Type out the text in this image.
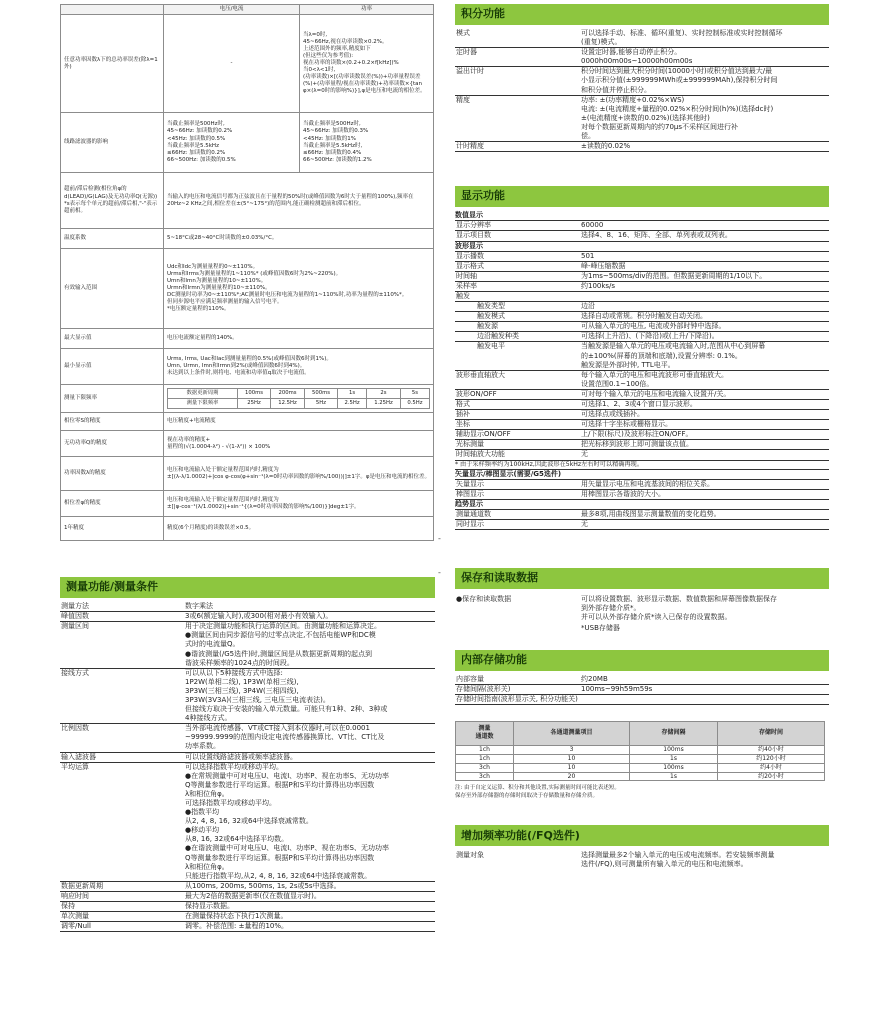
	电压/电流	功率
任意功率因数λ下的总功率误差(除λ=1外)	-	当λ=0时,
45~66Hz,视在功率读数×0.2%。
上述范围外的频率,精度如下
(但这些仅为参考值):
视在功率的读数×(0.2+0.2×f[kHz])%
当0<λ<1时,
(功率读数)×[(功率读数误差(%))+功率量程误差(%)+(功率量程/视在功率读数)+功率读数×{tan φ×(λ=0时的影响%)}],φ是电压和电流的相位差。
线路滤波器的影响	当截止频率是500Hz时,
45~66Hz: 加读数的0.2%
<45Hz: 加读数的0.5%
当截止频率是5.5kHz
≤66Hz: 加读数的0.2%
66~500Hz: 加读数的0.5%	当截止频率是500Hz时,
45~66Hz: 加读数的0.3%
<45Hz: 加读数的1%
当截止频率是5.5kHz时,
≤66Hz: 加读数的0.4%
66~500Hz: 加读数的1.2%
超前/滞后检测(相位角φ的d(LEAD)/G(LAG)及无功功率Q(无源))
*s表示每个单元的超前/滞后相,"-"表示超前相。	当输入的电压和电流信号都为正弦波且在于量程的50%时(或峰值因数为6时大于量程的100%),频率在20Hz~2 KHz之间,相位差在±(5°~175°)的范围内,能正确检测超前和滞后相位。
温度系数	5~18°C或28~40°C时读数的±0.03%/°C。
有效输入范围	Udc和Idc为测量量程的0~±110%。
Urms和Irms为测量量程的1~110%* (或峰值因数6时为2%~220%)。
Umn和Imn为测量量程的10~±110%。
Urmn和Irmn为测量量程的10~±110%。
DC测量时功率为0~±110%*;AC测量时电压和电流为量程的1~110%时,功率为量程的±110%*。
但同步源电平应满足频率测量的输入信号电平。
*电压额定量程的110%。
最大显示值	电压电流额定量程的140%。
最小显示值	Urms, Irms, Uac和Iac到测量量程的0.5%(或峰值因数6时到1%)。
Umn, Urmn, Imn和Irmn到2%(或峰值因数6时到4%)。
未达到以上条件时,则将电、电流和功率值q取决于电流值。
测量下限频率	
数据更新周期	100ms	200ms	500ms	1s	2s	5s
测量下限频率	25Hz	12.5Hz	5Hz	2.5Hz	1.25Hz	0.5Hz

相位零S的精度	电压精度+电流精度
无功功率Q的精度	视在功率的精度+
量程的(√(1.0004-λ²) - √(1-λ²)) × 100%
功率因数λ的精度	电压和电流输入处于额定量程范围内时,精度为
±[(λ-λ/1.0002)+|cos φ-cos(φ+sin⁻¹(λ=0时功率因数的影响%/100))|]±1字。φ是电压和电流的相位差。
相位差φ的精度	电压和电流输入处于额定量程范围内时,精度为
±[|φ-cos⁻¹(λ/1.0002)|+sin⁻¹{(λ=0时功率因数的影响%/100)}]deg±1字。
1年精度	精度(6个月精度)的读数误差×0.5。
测量功能/测量条件
测量方法	数字乘法
峰值因数	3或6(额定输入时),或300(相对最小有效输入)。
测量区间	用于决定测量功能和执行运算的区间。由测量功能和运算决定。
●测量区间由同步源信号的过零点决定,不包括电能WP和DC模
式时的电流量Q。
●谐波测量(/G5选件)时,测量区间是从数据更新周期的起点到
谐波采样频率的1024点的时间段。
接线方式	可以从以下5种接线方式中选择:
1P2W(单相二线), 1P3W(单相三线),
3P3W(三相三线), 3P4W(三相四线),
3P3W(3V3A)(三相三线, 三电压三电流表法)。
但接线方取决于安装的输入单元数量。可能只有1种、2种、3种或
4种接线方式。
比例因数	当外部电流传感器、VT或CT接入到本仪器时,可以在0.0001
~99999.9999的范围内设定电流传感器换算比、VT比、CT比及
功率系数。
输入滤波器	可以设置线路滤波器或频率滤波器。
平均运算	可以选择指数平均或移动平均。
●在常规测量中可对电压U、电流I、功率P、视在功率S、无功功率
Q等测量参数进行平均运算。根据P和S平均计算得出功率因数
λ和相位角φ。
可选择指数平均或移动平均。
●指数平均
从2, 4, 8, 16, 32或64中选择衰减常数。
●移动平均
从8, 16, 32或64中选择平均数。
●在谐波测量中可对电压U、电流I、功率P、视在功率S、无功功率
Q等测量参数进行平均运算。根据P和S平均计算得出功率因数
λ和相位角φ。
只能进行指数平均,从2, 4, 8, 16, 32或64中选择衰减常数。
数据更新周期	从100ms, 200ms, 500ms, 1s, 2s或5s中选择。
响应时间	最大为2倍的数据更新率(仅在数值显示时)。
保持	保持显示数据。
单次测量	在测量保持状态下执行1次测量。
调零/Null	调零。补偿范围: ±量程的10%。
-
-
积分功能
模式	可以选择手动、标准、循环(重复)、实时控制标准或实时控制循环
(重复)模式。
定时器	设置定时器,能够自动停止积分。
0000h00m00s~10000h00m00s
溢出计时	积分时间达到最大积分时间(10000小时)或积分值达到最大/最
小显示积分值(±999999MWh或±999999MAh),保持积分时间
和积分值并停止积分。
精度	功率: ±(功率精度+0.02%×WS)
电流: ±(电流精度+量程的0.02%×积分时间(h)%)(选择dc时)
±(电流精度+读数的0.02%)(选择其他时)
对每个数据更新周期内的约70μs不采样区间进行补
偿。
计时精度	±读数的0.02%
显示功能
数值显示
显示分辨率	60000
显示项目数	选择4、8、16、矩阵、全部、单列表或双列表。
波形显示
显示播数	501
显示格式	峰-峰压缩数据
时间轴	为1ms~500ms/div的范围。但数据更新周期的1/10以下。
采样率	约100ks/s
触发
触发类型	边沿
触发模式	选择自动或常规。积分时触发自动关闭。
触发源	可从输入单元的电压, 电流或外部时钟中选择。
边沿触发种类	可选择(上升沿)、(下降沿)或(上升/下降沿)。
触发电平	当触发源是输入单元的电压或电流输入时,范围从中心到屏幕
的±100%(屏幕的顶端和底端),设置分辨率: 0.1%。
触发源是外部时钟, TTL电平。
波形垂直轴放大	每个输入单元的电压和电流波形可垂直轴放大。
设置范围0.1~100倍。
波形ON/OFF	可对每个输入单元的电压和电流输入设置开/关。
格式	可选择1、2、3或4个窗口显示波形。
插补	可选择点或线插补。
坐标	可选择十字坐标或栅格显示。
辅助显示ON/OFF	上/下限(标尺)及波形标注ON/OFF。
光标测量	把光标移到波形上即可测量该点值。
时间轴放大功能	无
* 由于采样频率约为100kHz,因此波形在5kHz左右时可以精确再现。
矢量显示/棒图显示(需要/G5选件)
矢量显示	用矢量显示电压和电流基波间的相位关系。
棒图显示	用棒图显示各谐波的大小。
趋势显示
测量通道数	最多8项,用曲线图显示测量数值的变化趋势。
同时显示	无
保存和读取数据
●保存和读取数据	可以将设置数据、波形显示数据、数值数据和屏幕图像数据保存
到外部存储介质*。
并可以从外部存储介质*读入已保存的设置数据。
*USB存储器
内部存储功能
内部容量	约20MB
存储间隔(波形关)	100ms~99h59m59s
存储时间指南(波形显示关, 积分功能关)
测量
通道数	各通道测量项目	存储间隔	存储时间
1ch	3	100ms	约40小时
1ch	10	1s	约120小时
3ch	10	100ms	约4小时
3ch	20	1s	约20小时
注: 由于自定义运算、积分和其他设置,实际测量时间可能比表述短。
保存至外部存储器的存储时间取决于存储数量和存储介质。
增加频率功能(/FQ选件)
测量对象	选择测量最多2个输入单元的电压或电流频率。若安装频率测量
选件(/FQ),则可测量所有输入单元的电压和电流频率。
